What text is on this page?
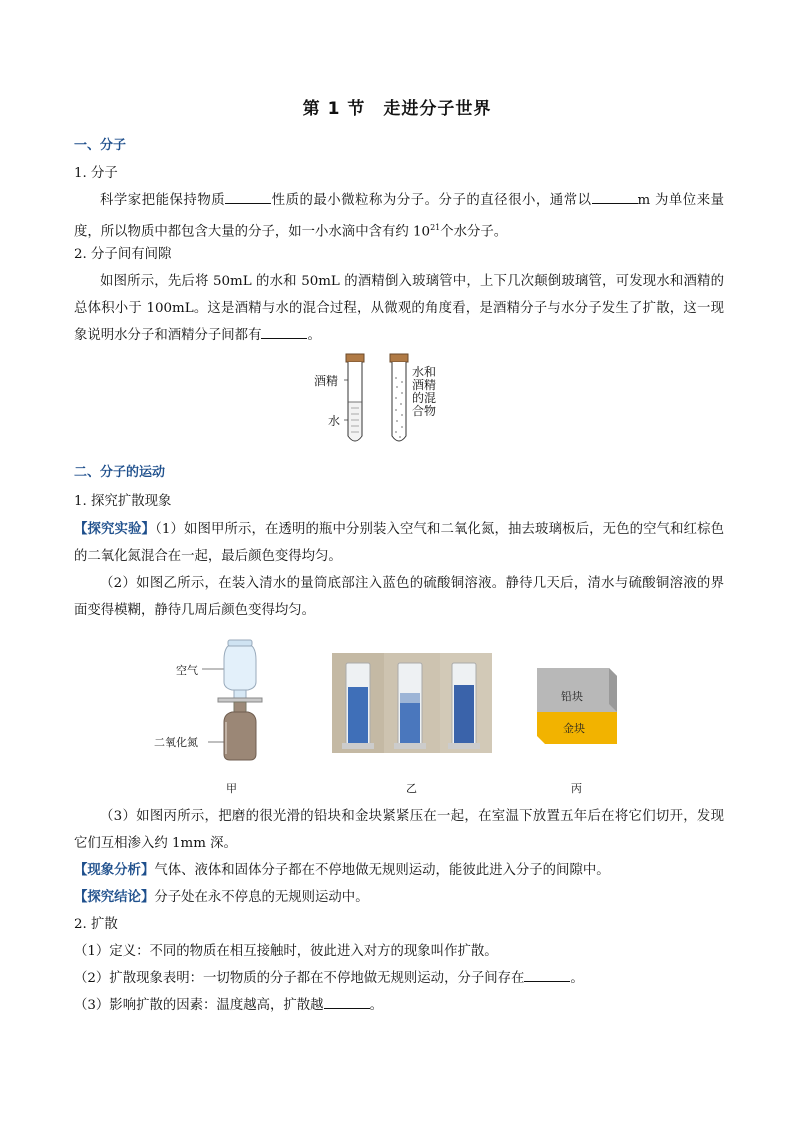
第 1 节 走进分子世界
一、分子
1. 分子
科学家把能保持物质	性质的最小微粒称为分子。分子的直径很小，通常以	m 为单位来量度，所以物质中都包含大量的分子，如一小水滴中含有约 $10^{21}$个水分子。
2. 分子间有间隙
如图所示，先后将 50mL 的水和 50mL 的酒精倒入玻璃管中，上下几次颠倒玻璃管，可发现水和酒精的总体积小于 100mL。这是酒精与水的混合过程，从微观的角度看，是酒精分子与水分子发生了扩散，这一现象说明水分子和酒精分子间都有	。
酒精
水
水和酒精的混合物
二、分子的运动
1. 探究扩散现象
【探究实验】（1）如图甲所示，在透明的瓶中分别装入空气和二氧化氮，抽去玻璃板后，无色的空气和红棕色的二氧化氮混合在一起，最后颜色变得均匀。
（2）如图乙所示，在装入清水的量筒底部注入蓝色的硫酸铜溶液。静待几天后，清水与硫酸铜溶液的界面变得模糊，静待几周后颜色变得均匀。
空气
二氧化氮
铅块
金块
甲	乙	丙
（3）如图丙所示，把磨的很光滑的铅块和金块紧紧压在一起，在室温下放置五年后在将它们切开，发现它们互相渗入约 1mm 深。
【现象分析】气体、液体和固体分子都在不停地做无规则运动，能彼此进入分子的间隙中。
【探究结论】分子处在永不停息的无规则运动中。
2. 扩散
（1）定义：不同的物质在相互接触时，彼此进入对方的现象叫作扩散。
（2）扩散现象表明：一切物质的分子都在不停地做无规则运动，分子间存在	。
（3）影响扩散的因素：温度越高，扩散越	。
